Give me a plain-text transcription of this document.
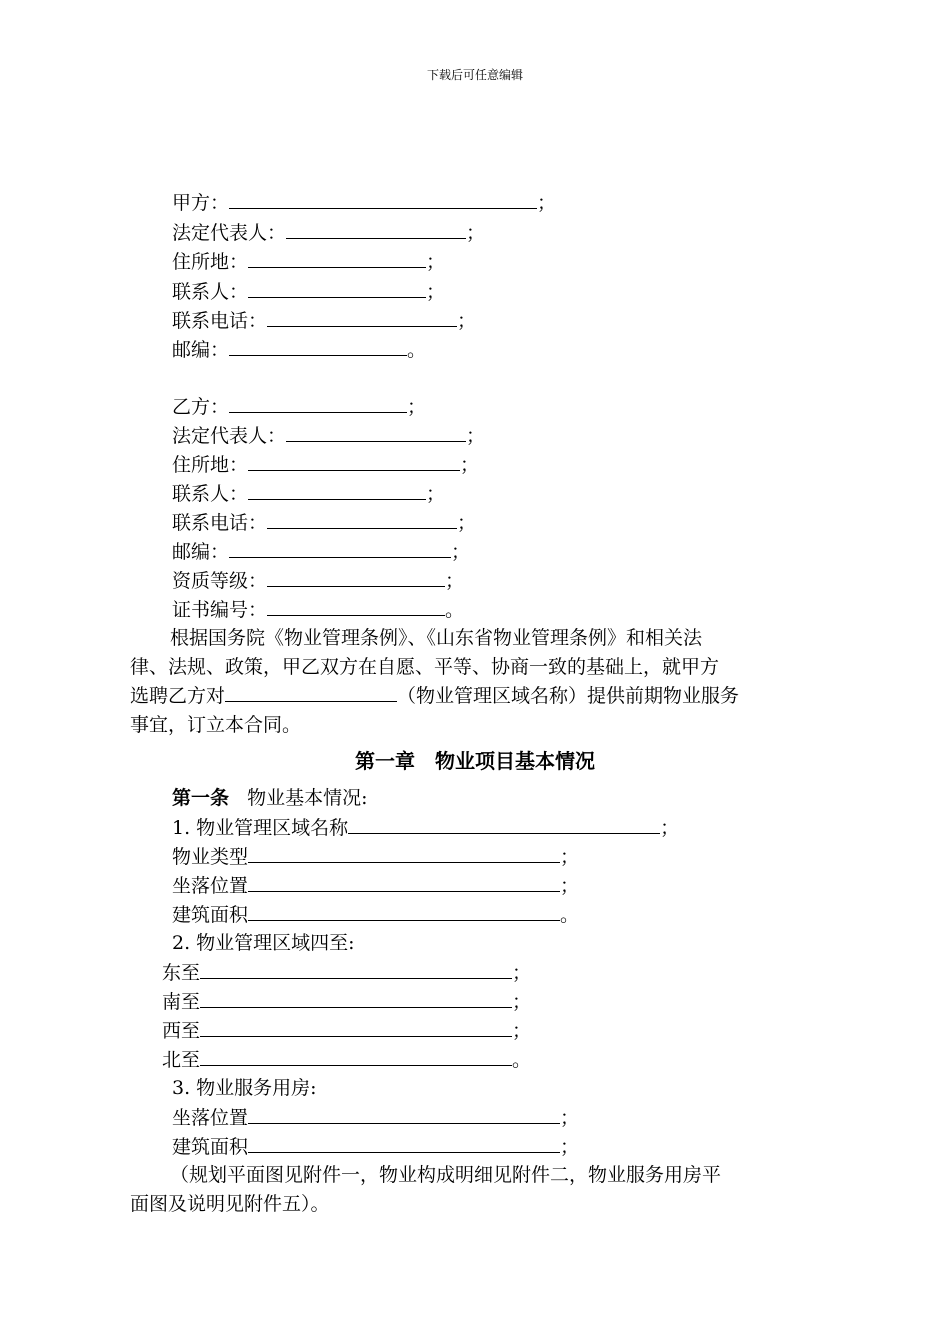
下载后可任意编辑
甲方：	；
法定代表人：	；
住所地：	；
联系人：	；
联系电话：	；
邮编：	。
乙方：	；
法定代表人：	；
住所地：	；
联系人：	；
联系电话：	；
邮编：	；
资质等级：	；
证书编号：	。
根据国务院《物业管理条例》、《山东省物业管理条例》和相关法
律、法规、政策，甲乙双方在自愿、平等、协商一致的基础上，就甲方
选聘乙方对	（物业管理区域名称）提供前期物业服务
事宜，订立本合同。
第一章　物业项目基本情况
第一条 物业基本情况:
1. 物业管理区域名称	；
物业类型	；
坐落位置	；
建筑面积	。
2. 物业管理区域四至:
东至	；
南至	；
西至	；
北至	。
3. 物业服务用房:
坐落位置	；
建筑面积	；
（规划平面图见附件一，物业构成明细见附件二，物业服务用房平
面图及说明见附件五）。
